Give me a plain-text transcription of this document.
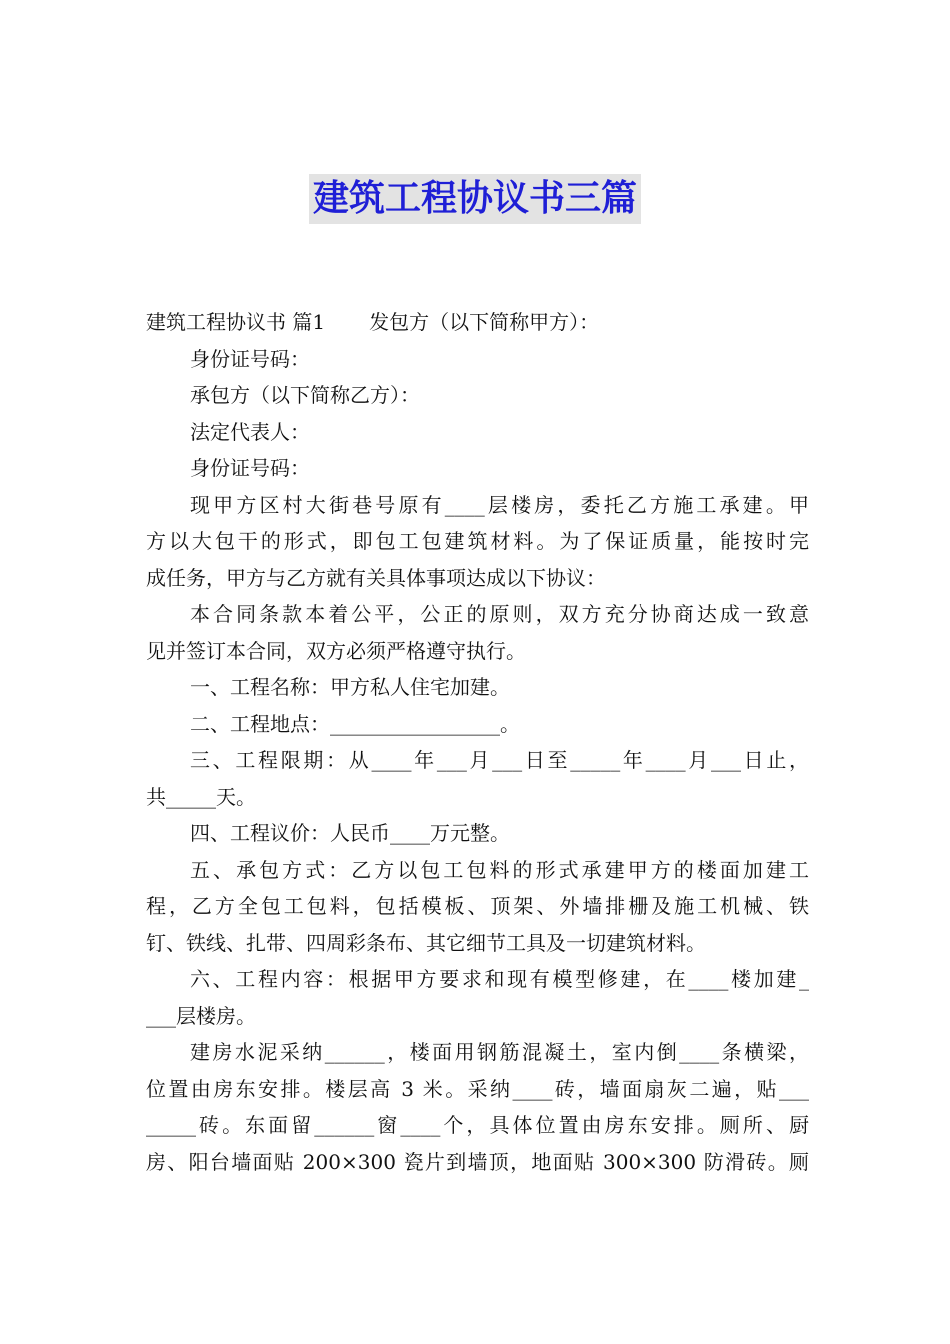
建筑工程协议书三篇
建筑工程协议书 篇1 发包方（以下简称甲方）：
身份证号码：
承包方（以下简称乙方）：
法定代表人：
身份证号码：
现甲方区村大街巷号原有____层楼房，委托乙方施工承建。甲
方以大包干的形式，即包工包建筑材料。为了保证质量，能按时完
成任务，甲方与乙方就有关具体事项达成以下协议：
本合同条款本着公平，公正的原则，双方充分协商达成一致意
见并签订本合同，双方必须严格遵守执行。
一、工程名称：甲方私人住宅加建。
二、工程地点：_________________。
三、工程限期：从____年___月___日至_____年____月___日止，
共_____天。
四、工程议价：人民币____万元整。
五、承包方式：乙方以包工包料的形式承建甲方的楼面加建工
程，乙方全包工包料，包括模板、顶架、外墙排栅及施工机械、铁
钉、铁线、扎带、四周彩条布、其它细节工具及一切建筑材料。
六、工程内容：根据甲方要求和现有模型修建，在____楼加建_
___层楼房。
建房水泥采纳______，楼面用钢筋混凝土，室内倒____条横梁，
位置由房东安排。楼层高 3 米。采纳____砖，墙面扇灰二遍，贴___
_____砖。东面留______窗____个，具体位置由房东安排。厕所、厨
房、阳台墙面贴 200×300 瓷片到墙顶，地面贴 300×300 防滑砖。厕
